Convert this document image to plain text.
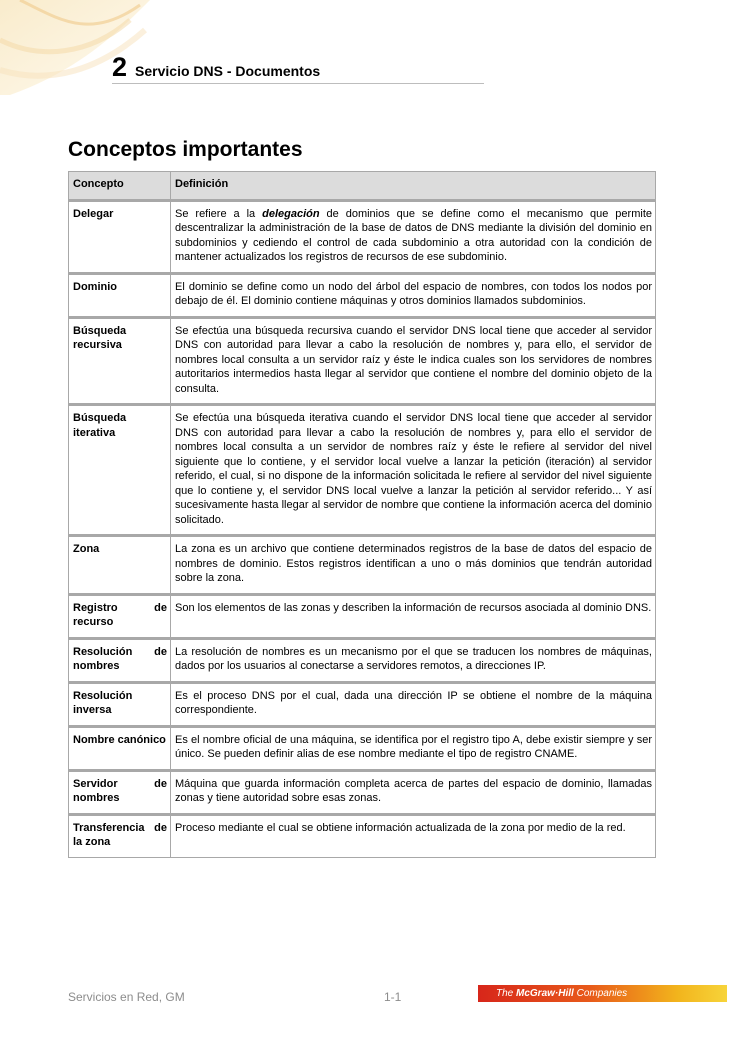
2 Servicio DNS - Documentos
Conceptos importantes
Concepto	Definición
Delegar	Se refiere a la delegación de dominios que se define como el mecanismo que permite descentralizar la administración de la base de datos de DNS mediante la división del dominio en subdominios y cediendo el control de cada subdominio a otra autoridad con la condición de mantener actualizados los registros de recursos de ese subdominio.
Dominio	El dominio se define como un nodo del árbol del espacio de nombres, con todos los nodos por debajo de él. El dominio contiene máquinas y otros dominios llamados subdominios.
Búsqueda recursiva	Se efectúa una búsqueda recursiva cuando el servidor DNS local tiene que acceder al servidor DNS con autoridad para llevar a cabo la resolución de nombres y, para ello, el servidor de nombres local consulta a un servidor raíz y éste le indica cuales son los servidores de nombres autoritarios intermedios hasta llegar al servidor que contiene el nombre del dominio objeto de la consulta.
Búsqueda iterativa	Se efectúa una búsqueda iterativa cuando el servidor DNS local tiene que acceder al servidor DNS con autoridad para llevar a cabo la resolución de nombres y, para ello el servidor de nombres local consulta a un servidor de nombres raíz y éste le refiere al servidor del nivel siguiente que lo contiene, y el servidor local vuelve a lanzar la petición (iteración) al servidor referido, el cual, si no dispone de la información solicitada le refiere al servidor del nivel siguiente que lo contiene y, el servidor DNS local vuelve a lanzar la petición al servidor referido... Y así sucesivamente hasta llegar al servidor de nombre que contiene la información acerca del dominio solicitado.
Zona	La zona es un archivo que contiene determinados registros de la base de datos del espacio de nombres de dominio. Estos registros identifican a uno o más dominios que tendrán autoridad sobre la zona.
Registro de recurso	Son los elementos de las zonas y describen la información de recursos asociada al dominio DNS.
Resolución de nombres	La resolución de nombres es un mecanismo por el que se traducen los nombres de máquinas, dados por los usuarios al conectarse a servidores remotos, a direcciones IP.
Resolución inversa	Es el proceso DNS por el cual, dada una dirección IP se obtiene el nombre de la máquina correspondiente.
Nombre canónico	Es el nombre oficial de una máquina, se identifica por el registro tipo A, debe existir siempre y ser único. Se pueden definir alias de ese nombre mediante el tipo de registro CNAME.
Servidor de nombres	Máquina que guarda información completa acerca de partes del espacio de dominio, llamadas zonas y tiene autoridad sobre esas zonas.
Transferencia de la zona	Proceso mediante el cual se obtiene información actualizada de la zona por medio de la red.
Servicios en Red, GM	1-1	The McGraw·Hill Companies
